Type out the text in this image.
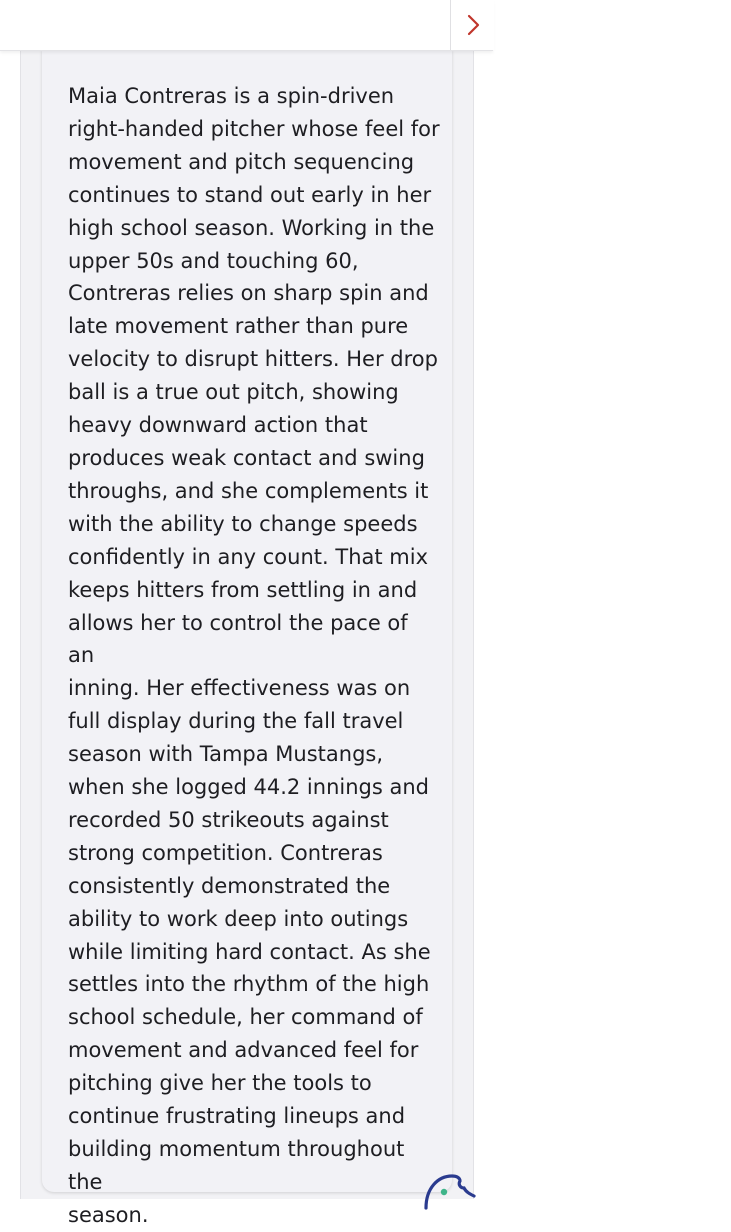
Maia Contreras is a spin-driven
right-handed pitcher whose feel for
movement and pitch sequencing
continues to stand out early in her
high school season. Working in the
upper 50s and touching 60,
Contreras relies on sharp spin and
late movement rather than pure
velocity to disrupt hitters. Her drop
ball is a true out pitch, showing
heavy downward action that
produces weak contact and swing
throughs, and she complements it
with the ability to change speeds
confidently in any count. That mix
keeps hitters from settling in and
allows her to control the pace of an
inning. Her effectiveness was on
full display during the fall travel
season with Tampa Mustangs,
when she logged 44.2 innings and
recorded 50 strikeouts against
strong competition. Contreras
consistently demonstrated the
ability to work deep into outings
while limiting hard contact. As she
settles into the rhythm of the high
school schedule, her command of
movement and advanced feel for
pitching give her the tools to
continue frustrating lineups and
building momentum throughout the
season.
